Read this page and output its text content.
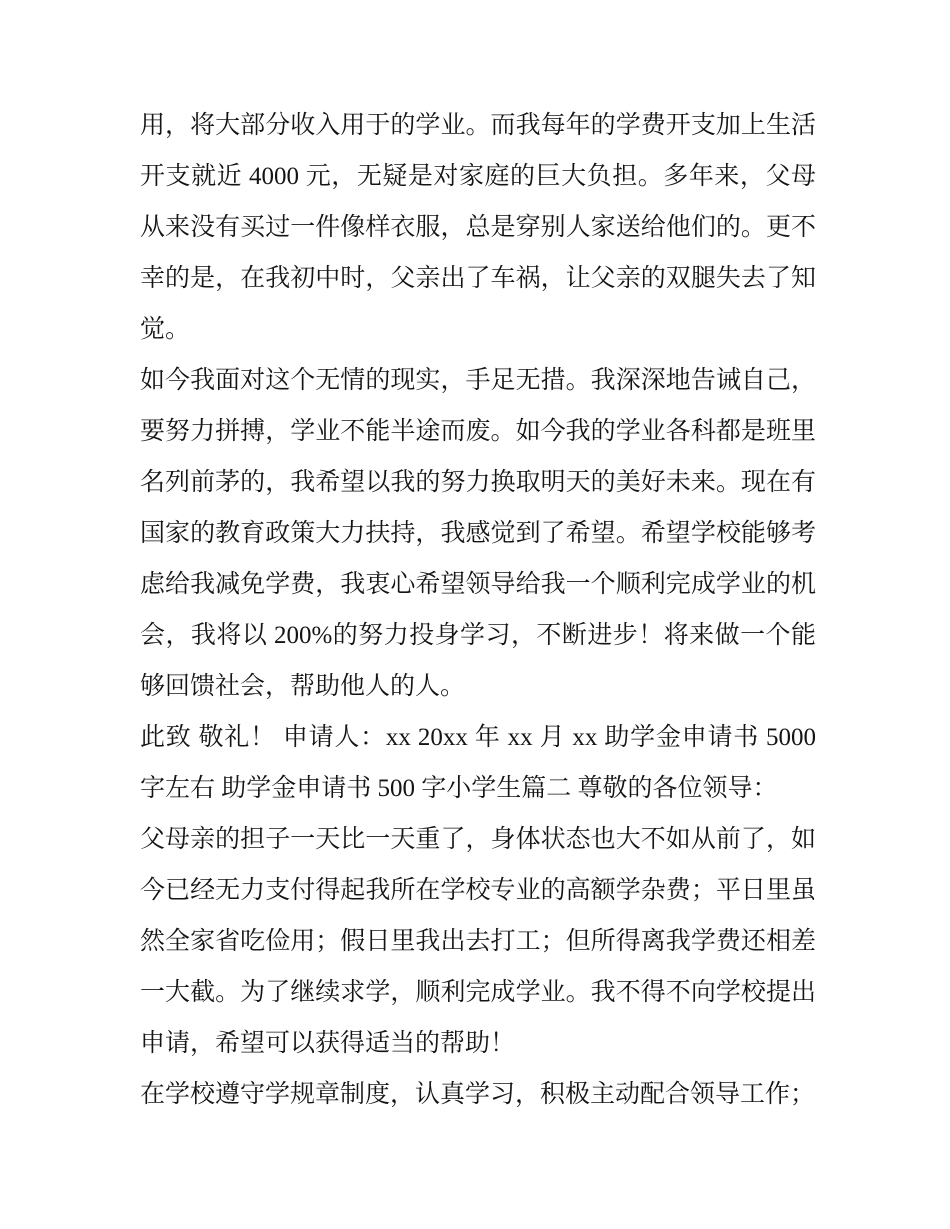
用，将大部分收入用于的学业。而我每年的学费开支加上生活
开支就近 4000 元，无疑是对家庭的巨大负担。多年来，父母
从来没有买过一件像样衣服，总是穿别人家送给他们的。更不
幸的是，在我初中时，父亲出了车祸，让父亲的双腿失去了知
觉。
如今我面对这个无情的现实，手足无措。我深深地告诫自己，
要努力拼搏，学业不能半途而废。如今我的学业各科都是班里
名列前茅的，我希望以我的努力换取明天的美好未来。现在有
国家的教育政策大力扶持，我感觉到了希望。希望学校能够考
虑给我减免学费，我衷心希望领导给我一个顺利完成学业的机
会，我将以 200%的努力投身学习，不断进步！将来做一个能
够回馈社会，帮助他人的人。
此致 敬礼！ 申请人：xx 20xx 年 xx 月 xx 助学金申请书 5000
字左右 助学金申请书 500 字小学生篇二 尊敬的各位领导：
父母亲的担子一天比一天重了，身体状态也大不如从前了，如
今已经无力支付得起我所在学校专业的高额学杂费；平日里虽
然全家省吃俭用；假日里我出去打工；但所得离我学费还相差
一大截。为了继续求学，顺利完成学业。我不得不向学校提出
申请，希望可以获得适当的帮助！
在学校遵守学规章制度，认真学习，积极主动配合领导工作；
